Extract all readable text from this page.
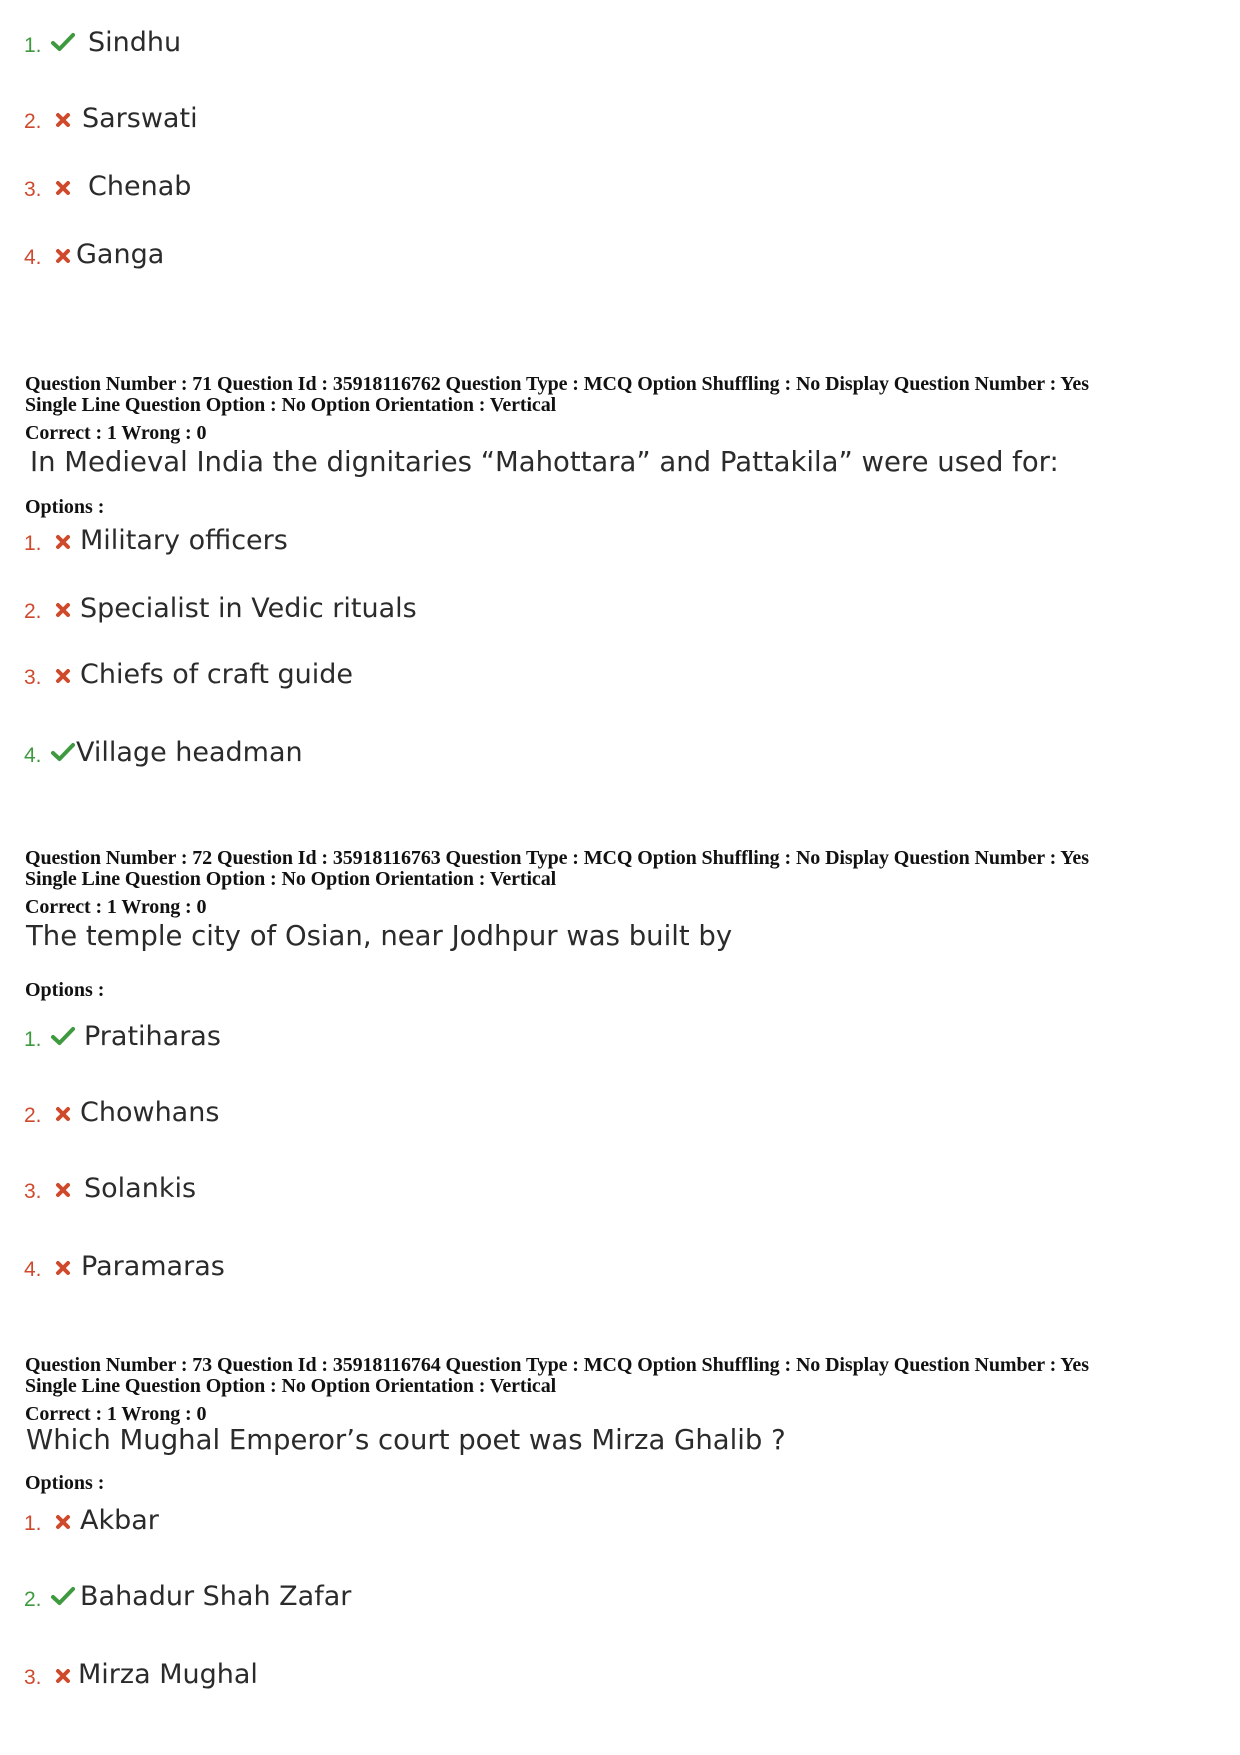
1. Sindhu
2. Sarswati
3. Chenab
4. Ganga
Question Number : 71 Question Id : 35918116762 Question Type : MCQ Option Shuffling : No Display Question Number : Yes
Single Line Question Option : No Option Orientation : Vertical
Correct : 1 Wrong : 0
In Medieval India the dignitaries “Mahottara” and Pattakila” were used for:
Options :
1. Military officers
2. Specialist in Vedic rituals
3. Chiefs of craft guide
4. Village headman
Question Number : 72 Question Id : 35918116763 Question Type : MCQ Option Shuffling : No Display Question Number : Yes
Single Line Question Option : No Option Orientation : Vertical
Correct : 1 Wrong : 0
The temple city of Osian, near Jodhpur was built by
Options :
1. Pratiharas
2. Chowhans
3. Solankis
4. Paramaras
Question Number : 73 Question Id : 35918116764 Question Type : MCQ Option Shuffling : No Display Question Number : Yes
Single Line Question Option : No Option Orientation : Vertical
Correct : 1 Wrong : 0
Which Mughal Emperor’s court poet was Mirza Ghalib ?
Options :
1. Akbar
2. Bahadur Shah Zafar
3. Mirza Mughal
